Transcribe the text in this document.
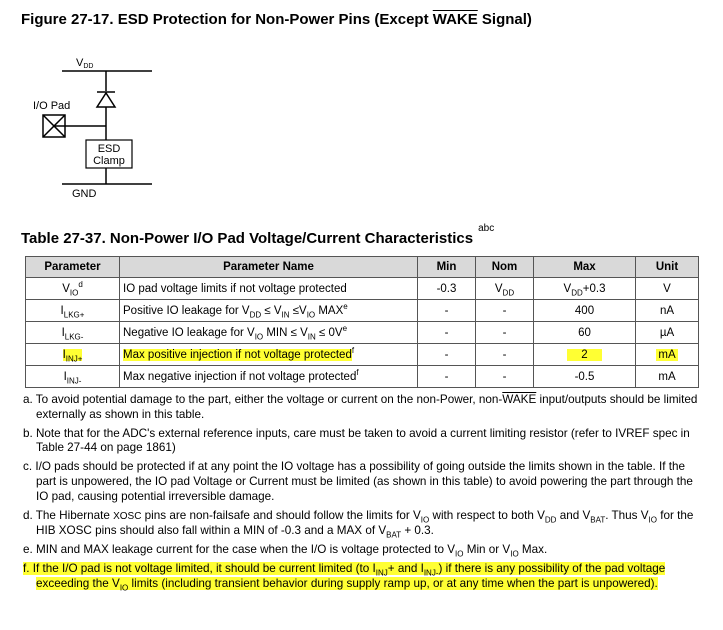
Figure 27-17. ESD Protection for Non-Power Pins (Except WAKE Signal)
VDD
I/O Pad
ESD
Clamp
GND
Table 27-37. Non-Power I/O Pad Voltage/Current Characteristics$^{abc}$
Parameter	Parameter Name	Min	Nom	Max	Unit
$V_{IO}^d$	IO pad voltage limits if not voltage protected	-0.3	$V_{DD}$	$V_{DD}+0.3$	V
$I_{LKG+}$	Positive IO leakage for $V_{DD} \le V_{IN} \le V_{IO}$ MAX$^e$	-	-	400	nA
$I_{LKG-}$	Negative IO leakage for $V_{IO}$ MIN ≤ $V_{IN} \le 0V^e$	-	-	60	µA
$I_{INJ+}$	Max positive injection if not voltage protected$^f$	-	-	2	mA
$I_{INJ-}$	Max negative injection if not voltage protected$^f$	-	-	-0.5	mA
a. To avoid potential damage to the part, either the voltage or current on the non-Power, non-WAKE input/outputs should be limited externally as shown in this table.
b. Note that for the ADC's external reference inputs, care must be taken to avoid a current limiting resistor (refer to IVREF spec in Table 27-44 on page 1861)
c. I/O pads should be protected if at any point the IO voltage has a possibility of going outside the limits shown in the table. If the part is unpowered, the IO pad Voltage or Current must be limited (as shown in this table) to avoid powering the part through the IO pad, causing potential irreversible damage.
d. The Hibernate XOSC pins are non-failsafe and should follow the limits for $V_{IO}$ with respect to both $V_{DD}$ and $V_{BAT}$. Thus $V_{IO}$ for the HIB XOSC pins should also fall within a MIN of -0.3 and a MAX of $V_{BAT} + 0.3$.
e. MIN and MAX leakage current for the case when the I/O is voltage protected to $V_{IO}$ Min or $V_{IO}$ Max.
f. If the I/O pad is not voltage limited, it should be current limited (to $I_{INJ}+$ and $I_{INJ-}$) if there is any possibility of the pad voltage exceeding the $V_{IO}$ limits (including transient behavior during supply ramp up, or at any time when the part is unpowered).
